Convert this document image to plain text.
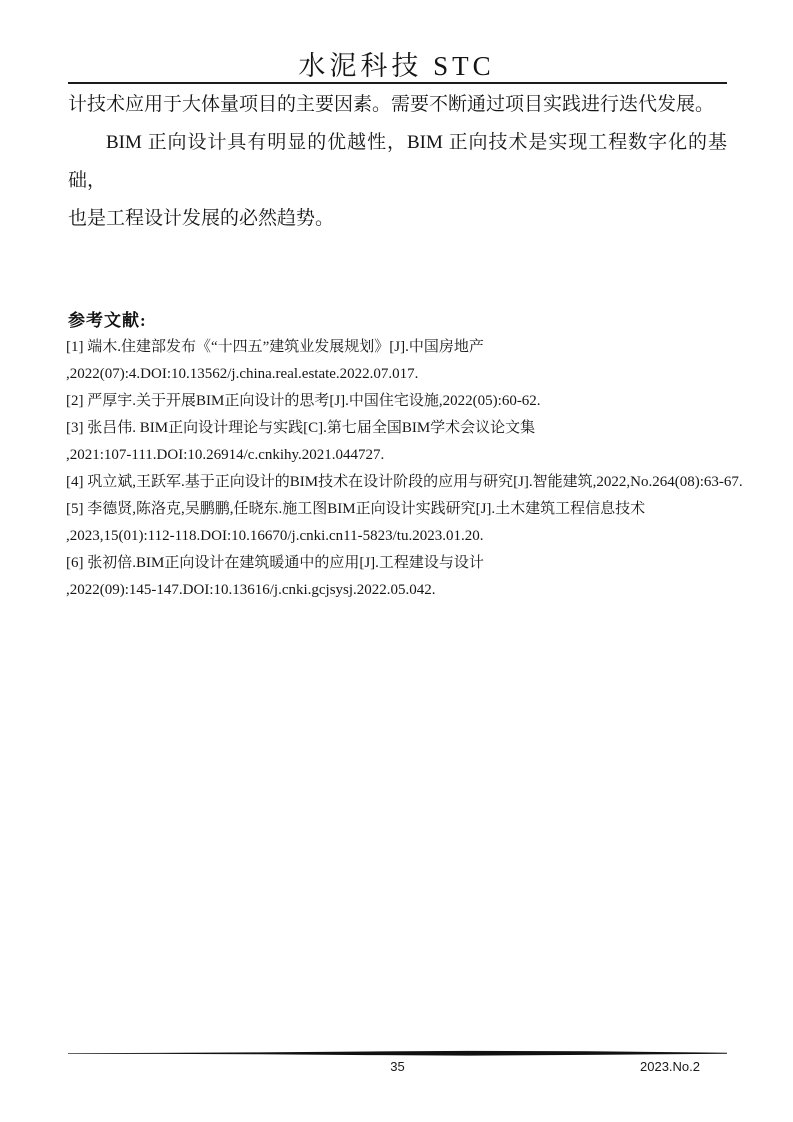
水泥科技 STC
计技术应用于大体量项目的主要因素。需要不断通过项目实践进行迭代发展。
BIM 正向设计具有明显的优越性，BIM 正向技术是实现工程数字化的基础，
也是工程设计发展的必然趋势。
参考文献:
[1] 端木.住建部发布《“十四五”建筑业发展规划》[J].中国房地产
,2022(07):4.DOI:10.13562/j.china.real.estate.2022.07.017.
[2] 严厚宇.关于开展BIM正向设计的思考[J].中国住宅设施,2022(05):60-62.
[3] 张吕伟. BIM正向设计理论与实践[C].第七届全国BIM学术会议论文集
,2021:107-111.DOI:10.26914/c.cnkihy.2021.044727.
[4] 巩立斌,王跃军.基于正向设计的BIM技术在设计阶段的应用与研究[J].智能建筑,2022,No.264(08):63-67.
[5] 李德贤,陈洛克,吴鹏鹏,任晓东.施工图BIM正向设计实践研究[J].土木建筑工程信息技术
,2023,15(01):112-118.DOI:10.16670/j.cnki.cn11-5823/tu.2023.01.20.
[6] 张初倍.BIM正向设计在建筑暖通中的应用[J].工程建设与设计
,2022(09):145-147.DOI:10.13616/j.cnki.gcjsysj.2022.05.042.
35	2023.No.2
